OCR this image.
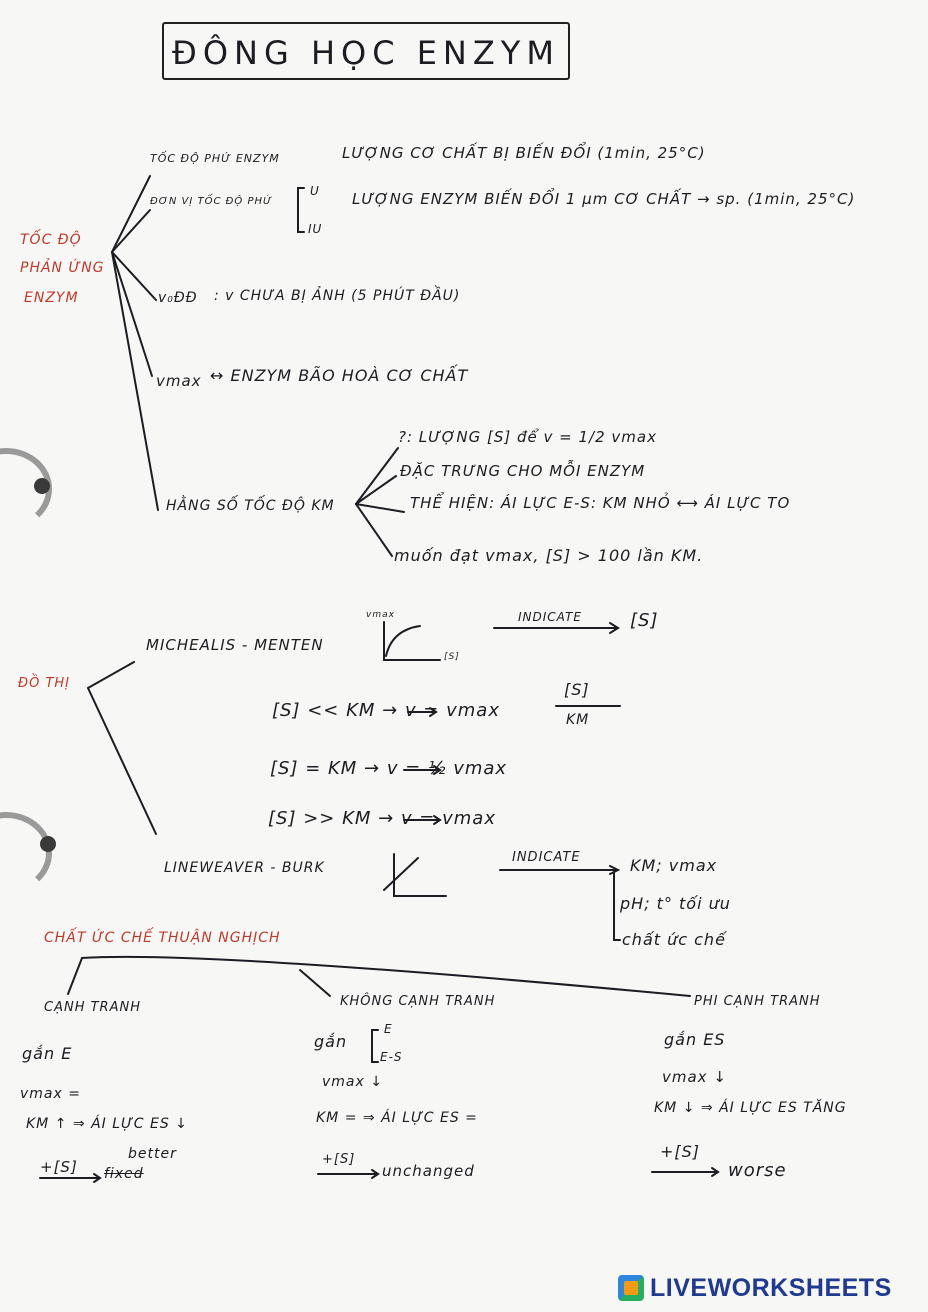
ĐÔNG HỌC ENZYM
TỐC ĐỘ
PHẢN ỨNG
ENZYM
TỐC ĐỘ PHỨ ENZYM	LƯỢNG CƠ CHẤT BỊ BIẾN ĐỔI (1min, 25°C)
ĐƠN VỊ TỐC ĐỘ PHỨ
U
IU
LƯỢNG ENZYM BIẾN ĐỔI 1 μm CƠ CHẤT → sp. (1min, 25°C)
v₀ĐĐ : v CHƯA BỊ ẢNH (5 PHÚT ĐẦU)
vmax ↔ ENZYM BÃO HOÀ CƠ CHẤT
HẰNG SỐ TỐC ĐỘ KM
?: LƯỢNG [S] để v = 1/2 vmax
ĐẶC TRƯNG CHO MỖI ENZYM
THỂ HIỆN: ÁI LỰC E-S: KM NHỎ ⟷ ÁI LỰC TO
muốn đạt vmax, [S] > 100 lần KM.
ĐỒ THỊ
MICHEALIS - MENTEN
vmax
[S]
INDICATE	[S]
[S] << KM → v = vmax
[S]
KM
[S] = KM → v = ½ vmax
[S] >> KM → v = vmax
LINEWEAVER - BURK
INDICATE	KM; vmax
pH; t° tối ưu
chất ức chế
CHẤT ỨC CHẾ THUẬN NGHỊCH
CẠNH TRANH
gắn E
vmax =
KM ↑ ⇒ ÁI LỰC ES ↓
+[S] fixed
better
KHÔNG CẠNH TRANH
gắn
E
E-S
vmax ↓
KM = ⇒ ÁI LỰC ES =
+[S]
unchanged
PHI CẠNH TRANH
gắn ES
vmax ↓
KM ↓ ⇒ ÁI LỰC ES TĂNG
+[S]
worse
LIVEWORKSHEETS
